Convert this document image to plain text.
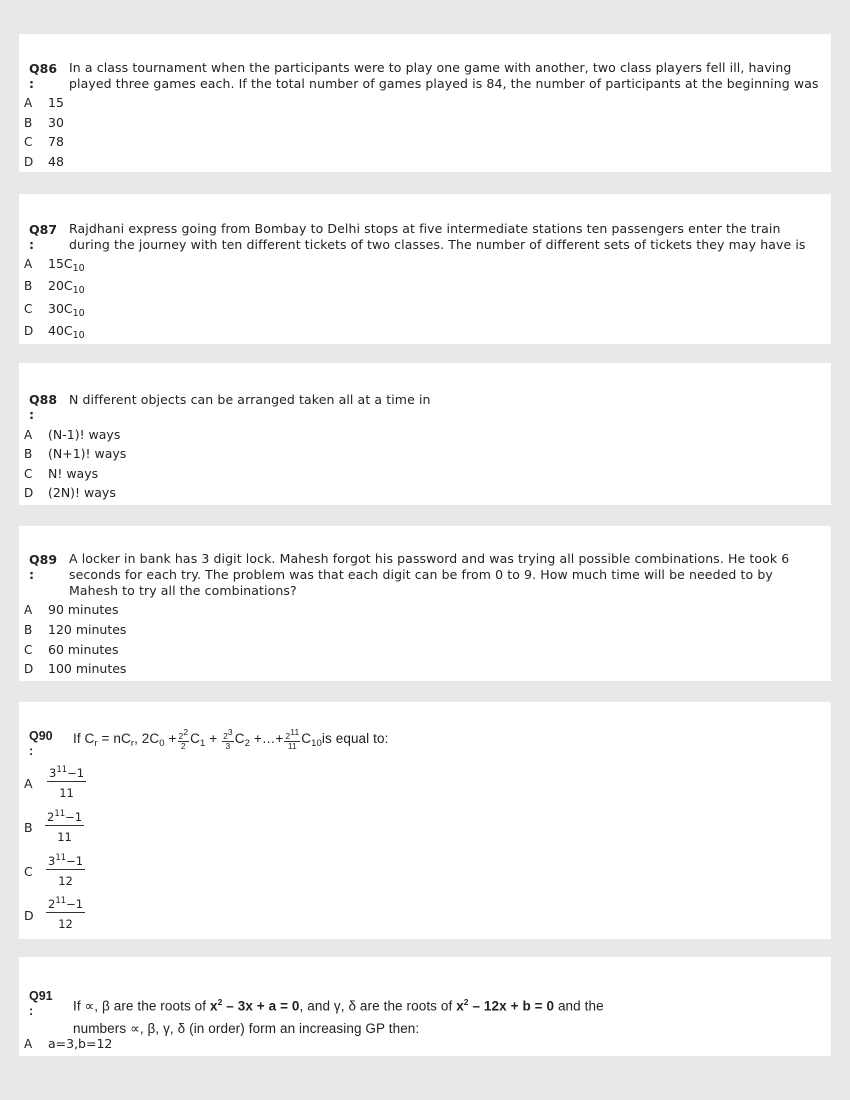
Q86
:
In a class tournament when the participants were to play one game with another, two class players fell ill, having played three games each. If the total number of games played is 84, the number of participants at the beginning was
A 15
B 30
C 78
D 48
Q87
:
Rajdhani express going from Bombay to Delhi stops at five intermediate stations ten passengers enter the train during the journey with ten different tickets of two classes. The number of different sets of tickets they may have is
A $15C_{10}$
B $20C_{10}$
C $30C_{10}$
D $40C_{10}$
Q88
:
N different objects can be arranged taken all at a time in
A (N-1)! ways
B (N+1)! ways
C N! ways
D (2N)! ways
Q89
:
A locker in bank has 3 digit lock. Mahesh forgot his password and was trying all possible combinations. He took 6 seconds for each try. The problem was that each digit can be from 0 to 9. How much time will be needed to by Mahesh to try all the combinations?
A 90 minutes
B 120 minutes
C 60 minutes
D 100 minutes
Q90
:
If $C_r = nC_r$, $2C_0 + \frac{2^2}{2} C_1 + \frac{2^3}{3} C_2$ +…+ $\frac{2^{11}}{11} C_{10}is$ equal to:
A $\frac{3^{11}-1}{11}$
B $\frac{2^{11}-1}{11}$
C $\frac{3^{11}-1}{12}$
D $\frac{2^{11}-1}{12}$
Q91
:	If ∝, β are the roots of $x^2 - 3x + a = 0$, and γ, δ are the roots of $x^2 - 12x + b = 0$ and the
numbers ∝, β, γ, δ (in order) form an increasing GP then:
A a=3,b=12
